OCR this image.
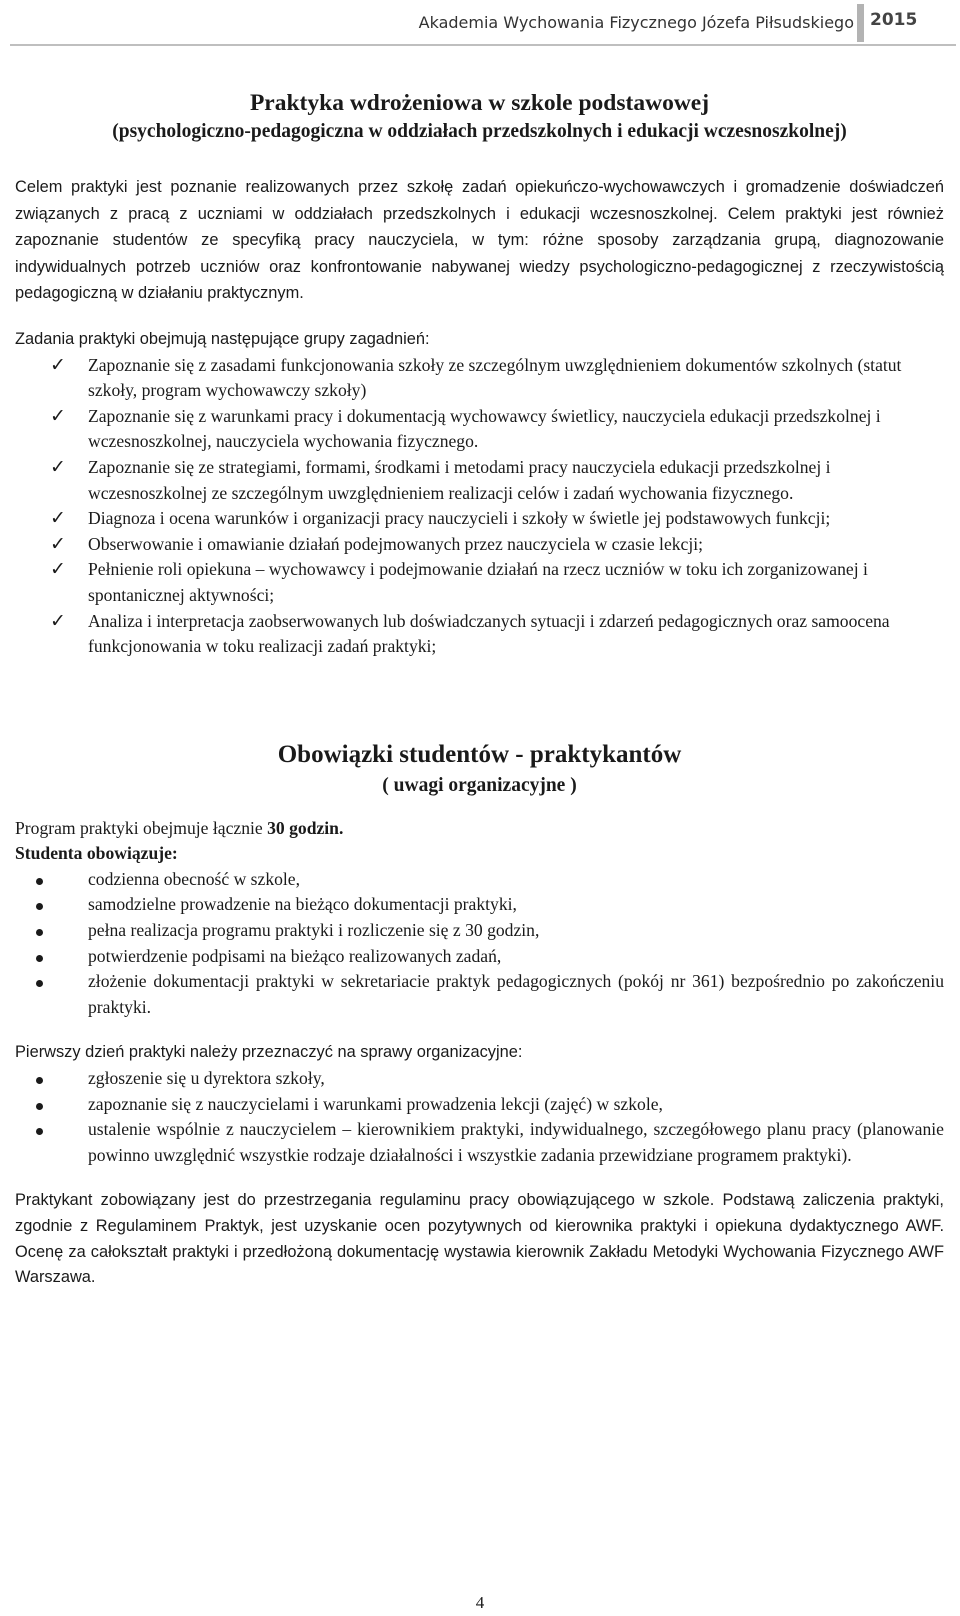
Akademia Wychowania Fizycznego Józefa Piłsudskiego 2015
Praktyka wdrożeniowa w szkole podstawowej
(psychologiczno-pedagogiczna w oddziałach przedszkolnych i edukacji wczesnoszkolnej)

Celem praktyki jest poznanie realizowanych przez szkołę zadań opiekuńczo-wychowawczych i gromadzenie doświadczeń związanych z pracą z uczniami w oddziałach przedszkolnych i edukacji wczesnoszkolnej. Celem praktyki jest również zapoznanie studentów ze specyfiką pracy nauczyciela, w tym: różne sposoby zarządzania grupą, diagnozowanie indywidualnych potrzeb uczniów oraz konfrontowanie nabywanej wiedzy psychologiczno-pedagogicznej z rzeczywistością pedagogiczną w działaniu praktycznym.

Zadania praktyki obejmują następujące grupy zagadnień:

✓ Zapoznanie się z zasadami funkcjonowania szkoły ze szczególnym uwzględnieniem dokumentów szkolnych (statut szkoły, program wychowawczy szkoły)
✓ Zapoznanie się z warunkami pracy i dokumentacją wychowawcy świetlicy, nauczyciela edukacji przedszkolnej i wczesnoszkolnej, nauczyciela wychowania fizycznego.
✓ Zapoznanie się ze strategiami, formami, środkami i metodami pracy nauczyciela edukacji przedszkolnej i wczesnoszkolnej ze szczególnym uwzględnieniem realizacji celów i zadań wychowania fizycznego.
✓ Diagnoza i ocena warunków i organizacji pracy nauczycieli i szkoły w świetle jej podstawowych funkcji;
✓ Obserwowanie i omawianie działań podejmowanych przez nauczyciela w czasie lekcji;
✓ Pełnienie roli opiekuna – wychowawcy i podejmowanie działań na rzecz uczniów w toku ich zorganizowanej i spontanicznej aktywności;
✓ Analiza i interpretacja zaobserwowanych lub doświadczanych sytuacji i zdarzeń pedagogicznych oraz samoocena funkcjonowania w toku realizacji zadań praktyki;
Obowiązki studentów - praktykantów
( uwagi organizacyjne )

Program praktyki obejmuje łącznie 30 godzin.

Studenta obowiązuje:

codzienna obecność w szkole,
samodzielne prowadzenie na bieżąco dokumentacji praktyki,
pełna realizacja programu praktyki i rozliczenie się z 30 godzin,
potwierdzenie podpisami na bieżąco realizowanych zadań,
złożenie dokumentacji praktyki w sekretariacie praktyk pedagogicznych (pokój nr 361) bezpośrednio po zakończeniu praktyki.

Pierwszy dzień praktyki należy przeznaczyć na sprawy organizacyjne:

zgłoszenie się u dyrektora szkoły,
zapoznanie się z nauczycielami i warunkami prowadzenia lekcji (zajęć) w szkole,
ustalenie wspólnie z nauczycielem – kierownikiem praktyki, indywidualnego, szczegółowego planu pracy (planowanie powinno uwzględnić wszystkie rodzaje działalności i wszystkie zadania przewidziane programem praktyki).

Praktykant zobowiązany jest do przestrzegania regulaminu pracy obowiązującego w szkole. Podstawą zaliczenia praktyki, zgodnie z Regulaminem Praktyk, jest uzyskanie ocen pozytywnych od kierownika praktyki i opiekuna dydaktycznego AWF. Ocenę za całokształt praktyki i przedłożoną dokumentację wystawia kierownik Zakładu Metodyki Wychowania Fizycznego AWF Warszawa.

4
